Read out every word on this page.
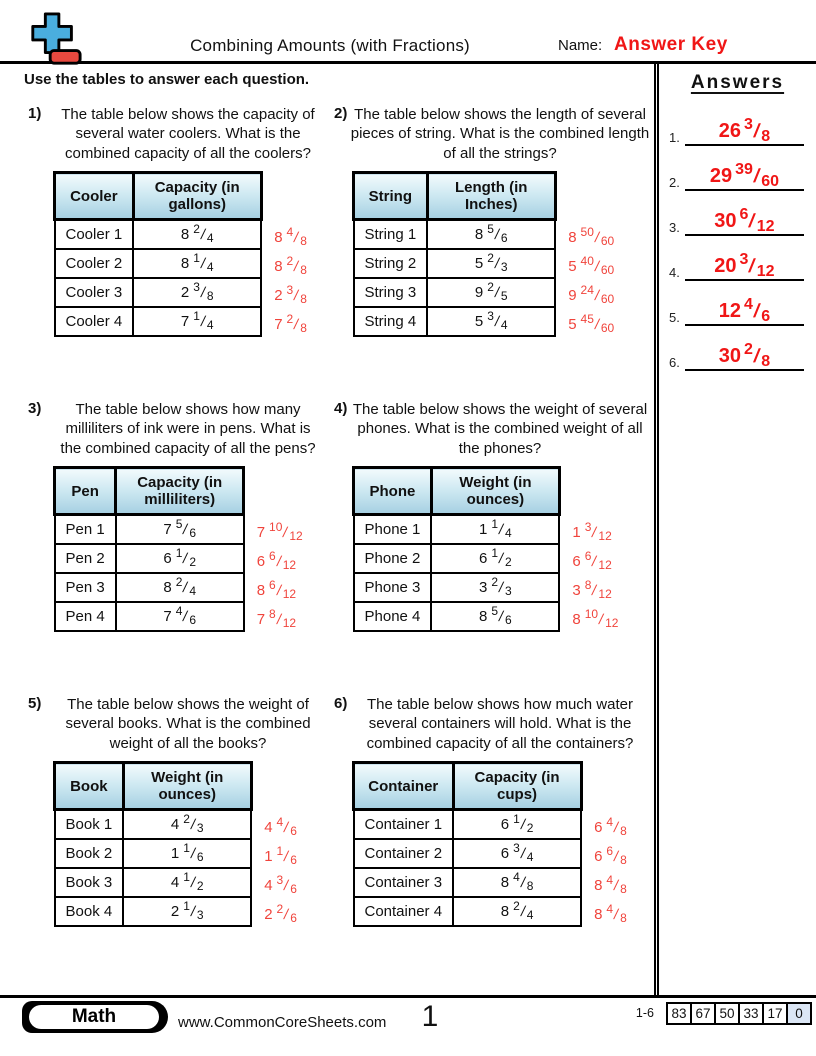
Combining Amounts (with Fractions)	Name: Answer Key
Use the tables to answer each question.
1) The table below shows the capacity of several water coolers. What is the combined capacity of all the coolers?
Cooler	Capacity (in gallons)	
Cooler 1	8 $^2/_4$	8 $^4/_8$
Cooler 2	8 $^1/_4$	8 $^2/_8$
Cooler 3	2 $^3/_8$	2 $^3/_8$
Cooler 4	7 $^1/_4$	7 $^2/_8$
2) The table below shows the length of several pieces of string. What is the combined length of all the strings?
String	Length (in Inches)	
String 1	8 $^5/_6$	8 $^{50}/_{60}$
String 2	5 $^2/_3$	5 $^{40}/_{60}$
String 3	9 $^2/_5$	9 $^{24}/_{60}$
String 4	5 $^3/_4$	5 $^{45}/_{60}$
3)	The table below shows how many milliliters of ink were in pens. What is the combined capacity of all the pens?
Pen	Capacity (in milliliters)	
Pen 1	7 $^5/_6$	7 $^{10}/_{12}$
Pen 2	6 $^1/_2$	6 $^6/_{12}$
Pen 3	8 $^2/_4$	8 $^6/_{12}$
Pen 4	7 $^4/_6$	7 $^8/_{12}$
4) The table below shows the weight of several phones. What is the combined weight of all the phones?
Phone	Weight (in ounces)	
Phone 1	1 $^1/_4$	1 $^3/_{12}$
Phone 2	6 $^1/_2$	6 $^6/_{12}$
Phone 3	3 $^2/_3$	3 $^8/_{12}$
Phone 4	8 $^5/_6$	8 $^{10}/_{12}$
5)	The table below shows the weight of several books. What is the combined weight of all the books?
Book	Weight (in ounces)	
Book 1	4 $^2/_3$	4 $^4/_6$
Book 2	1 $^1/_6$	1 $^1/_6$
Book 3	4 $^1/_2$	4 $^3/_6$
Book 4	2 $^1/_3$	2 $^2/_6$
6)	The table below shows how much water several containers will hold. What is the combined capacity of all the containers?
Container	Capacity (in cups)	
Container 1	6 $^1/_2$	6 $^4/_8$
Container 2	6 $^3/_4$	6 $^6/_8$
Container 3	8 $^4/_8$	8 $^4/_8$
Container 4	8 $^2/_4$	8 $^4/_8$
Answers
1.	26 $^3/_8$
2.	29 $^{39}/_{60}$
3.	30 $^6/_{12}$
4.	20 $^3/_{12}$
5.	12 $^4/_6$
6.	30 $^2/_8$
Math	www.CommonCoreSheets.com	1	1-6	83 67 50 33 17 0
